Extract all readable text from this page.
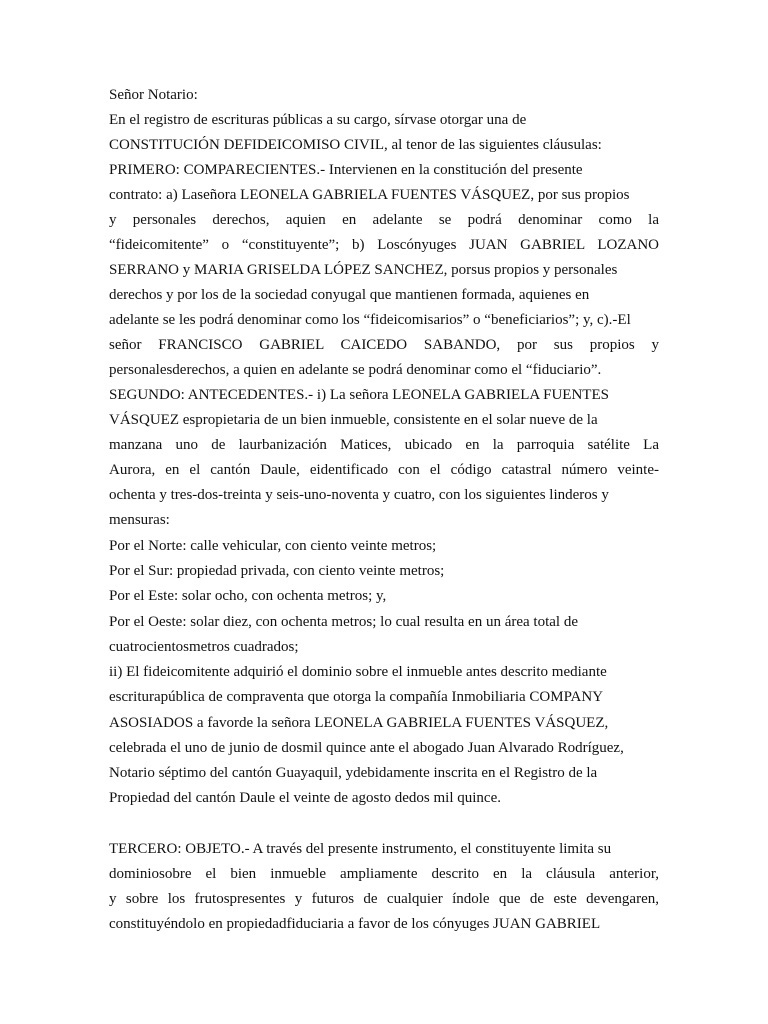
Señor Notario:
En el registro de escrituras públicas a su cargo, sírvase otorgar una de
CONSTITUCIÓN DEFIDEICOMISO CIVIL, al tenor de las siguientes cláusulas:
PRIMERO: COMPARECIENTES.- Intervienen en la constitución del presente
contrato: a) Laseñora LEONELA GABRIELA FUENTES VÁSQUEZ, por sus propios
y personales derechos, aquien en adelante se podrá denominar como la
“fideicomitente” o “constituyente”; b) Loscónyuges JUAN GABRIEL LOZANO
SERRANO y MARIA GRISELDA LÓPEZ SANCHEZ, porsus propios y personales
derechos y por los de la sociedad conyugal que mantienen formada, aquienes en
adelante se les podrá denominar como los “fideicomisarios” o “beneficiarios”; y, c).-El
señor FRANCISCO GABRIEL CAICEDO SABANDO, por sus propios y
personalesderechos, a quien en adelante se podrá denominar como el “fiduciario”.
SEGUNDO: ANTECEDENTES.- i) La señora LEONELA GABRIELA FUENTES
VÁSQUEZ espropietaria de un bien inmueble, consistente en el solar nueve de la
manzana uno de laurbanización Matices, ubicado en la parroquia satélite La
Aurora, en el cantón Daule, eidentificado con el código catastral número veinte-
ochenta y tres-dos-treinta y seis-uno-noventa y cuatro, con los siguientes linderos y
mensuras:
Por el Norte: calle vehicular, con ciento veinte metros;
Por el Sur: propiedad privada, con ciento veinte metros;
Por el Este: solar ocho, con ochenta metros; y,
Por el Oeste: solar diez, con ochenta metros; lo cual resulta en un área total de
cuatrocientosmetros cuadrados;
ii) El fideicomitente adquirió el dominio sobre el inmueble antes descrito mediante
escriturapública de compraventa que otorga la compañía Inmobiliaria COMPANY
ASOSIADOS a favorde la señora LEONELA GABRIELA FUENTES VÁSQUEZ,
celebrada el uno de junio de dosmil quince ante el abogado Juan Alvarado Rodríguez,
Notario séptimo del cantón Guayaquil, ydebidamente inscrita en el Registro de la
Propiedad del cantón Daule el veinte de agosto dedos mil quince.
TERCERO: OBJETO.- A través del presente instrumento, el constituyente limita su
dominiosobre el bien inmueble ampliamente descrito en la cláusula anterior,
y sobre los frutospresentes y futuros de cualquier índole que de este devengaren,
constituyéndolo en propiedadfiduciaria a favor de los cónyuges JUAN GABRIEL
